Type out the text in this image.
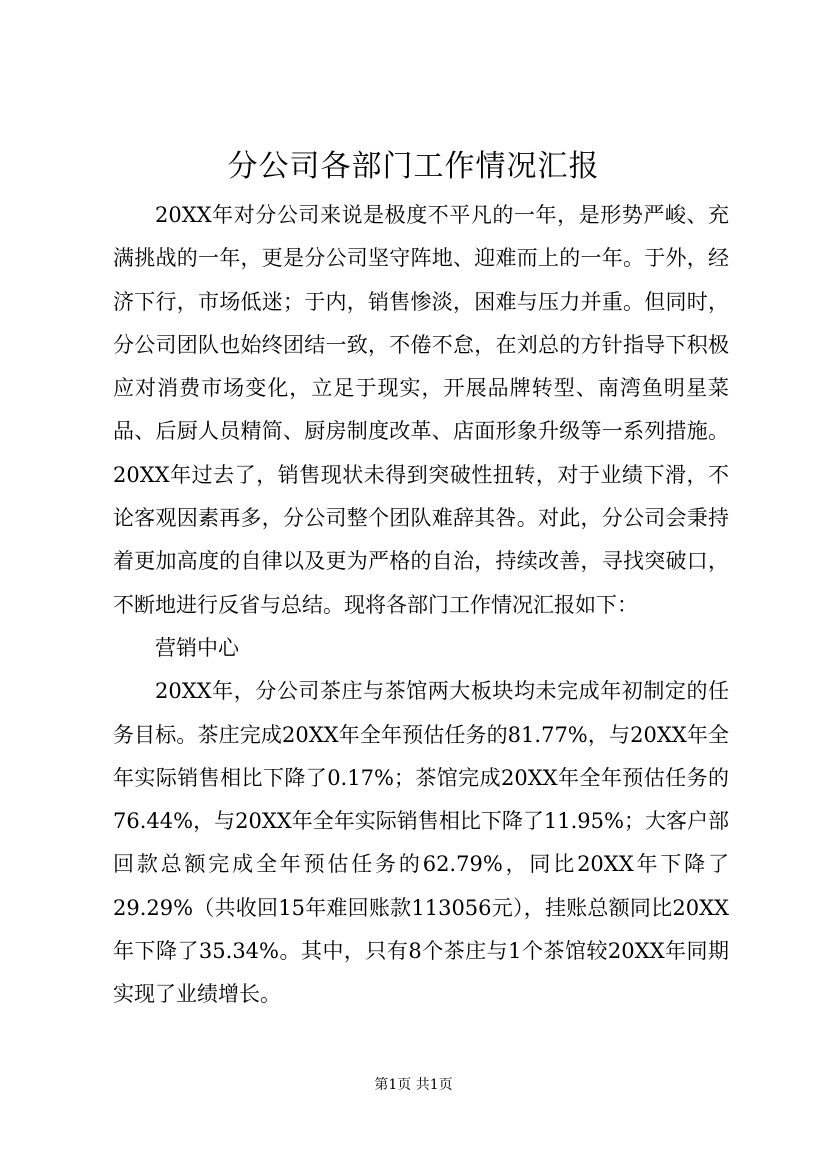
分公司各部门工作情况汇报

20XX年对分公司来说是极度不平凡的一年，是形势严峻、充满挑战的一年，更是分公司坚守阵地、迎难而上的一年。于外，经济下行，市场低迷；于内，销售惨淡，困难与压力并重。但同时，分公司团队也始终团结一致，不倦不怠，在刘总的方针指导下积极应对消费市场变化，立足于现实，开展品牌转型、南湾鱼明星菜品、后厨人员精简、厨房制度改革、店面形象升级等一系列措施。20XX年过去了，销售现状未得到突破性扭转，对于业绩下滑，不论客观因素再多，分公司整个团队难辞其咎。对此，分公司会秉持着更加高度的自律以及更为严格的自治，持续改善，寻找突破口，不断地进行反省与总结。现将各部门工作情况汇报如下：

营销中心

20XX年，分公司茶庄与茶馆两大板块均未完成年初制定的任务目标。茶庄完成20XX年全年预估任务的81.77%，与20XX年全年实际销售相比下降了0.17%；茶馆完成20XX年全年预估任务的76.44%，与20XX年全年实际销售相比下降了11.95%；大客户部回款总额完成全年预估任务的62.79%，同比20XX年下降了29.29%（共收回15年难回账款113056元），挂账总额同比20XX年下降了35.34%。其中，只有8个茶庄与1个茶馆较20XX年同期实现了业绩增长。

第1页 共1页
